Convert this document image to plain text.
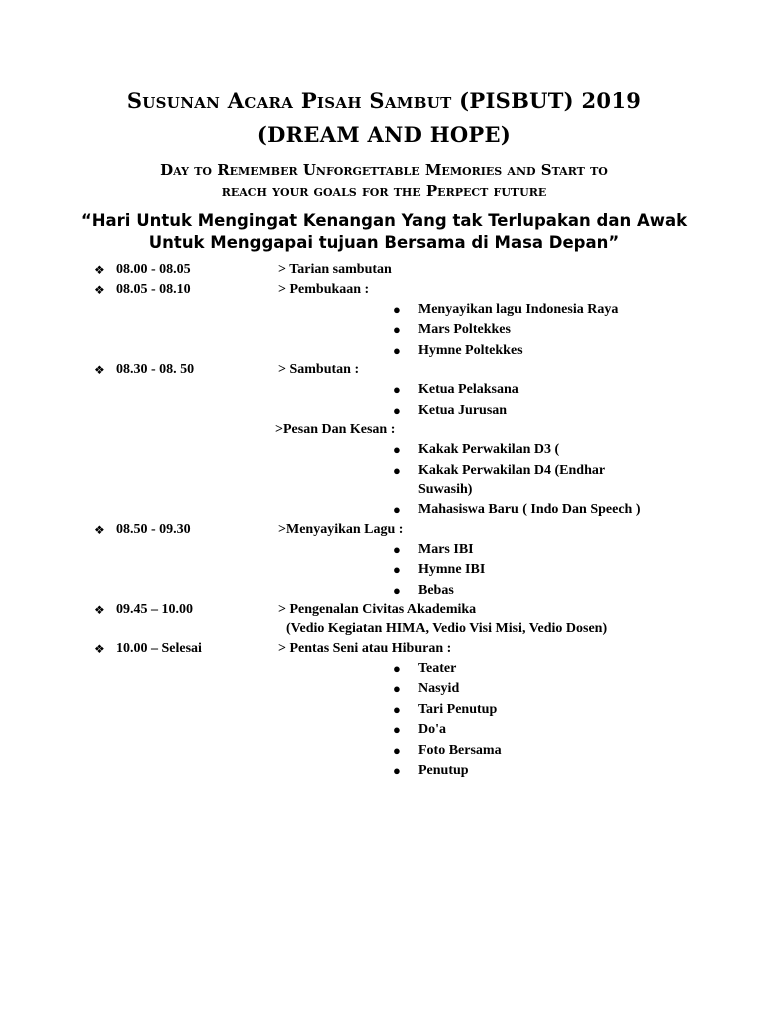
Susunan Acara Pisah Sambut (PISBUT) 2019
(DREAM AND HOPE)
Day to Remember Unforgettable Memories and Start to
reach your goals for the Perpect future
“Hari Untuk Mengingat Kenangan Yang tak Terlupakan dan Awak
Untuk Menggapai tujuan Bersama di Masa Depan”
❖ 08.00 - 08.05	> Tarian sambutan
❖ 08.05 - 08.10	> Pembukaan :
● Menyayikan lagu Indonesia Raya
● Mars Poltekkes
● Hymne Poltekkes
❖ 08.30 - 08. 50	> Sambutan :
● Ketua Pelaksana
● Ketua Jurusan
>Pesan Dan Kesan :
● Kakak Perwakilan D3 (
● Kakak Perwakilan D4 (Endhar
Suwasih)
● Mahasiswa Baru ( Indo Dan Speech )
❖ 08.50 - 09.30	>Menyayikan Lagu :
● Mars IBI
● Hymne IBI
● Bebas
❖ 09.45 – 10.00	> Pengenalan Civitas Akademika
(Vedio Kegiatan HIMA, Vedio Visi Misi, Vedio Dosen)
❖ 10.00 – Selesai	> Pentas Seni atau Hiburan :
● Teater
● Nasyid
● Tari Penutup
● Do'a
● Foto Bersama
● Penutup
